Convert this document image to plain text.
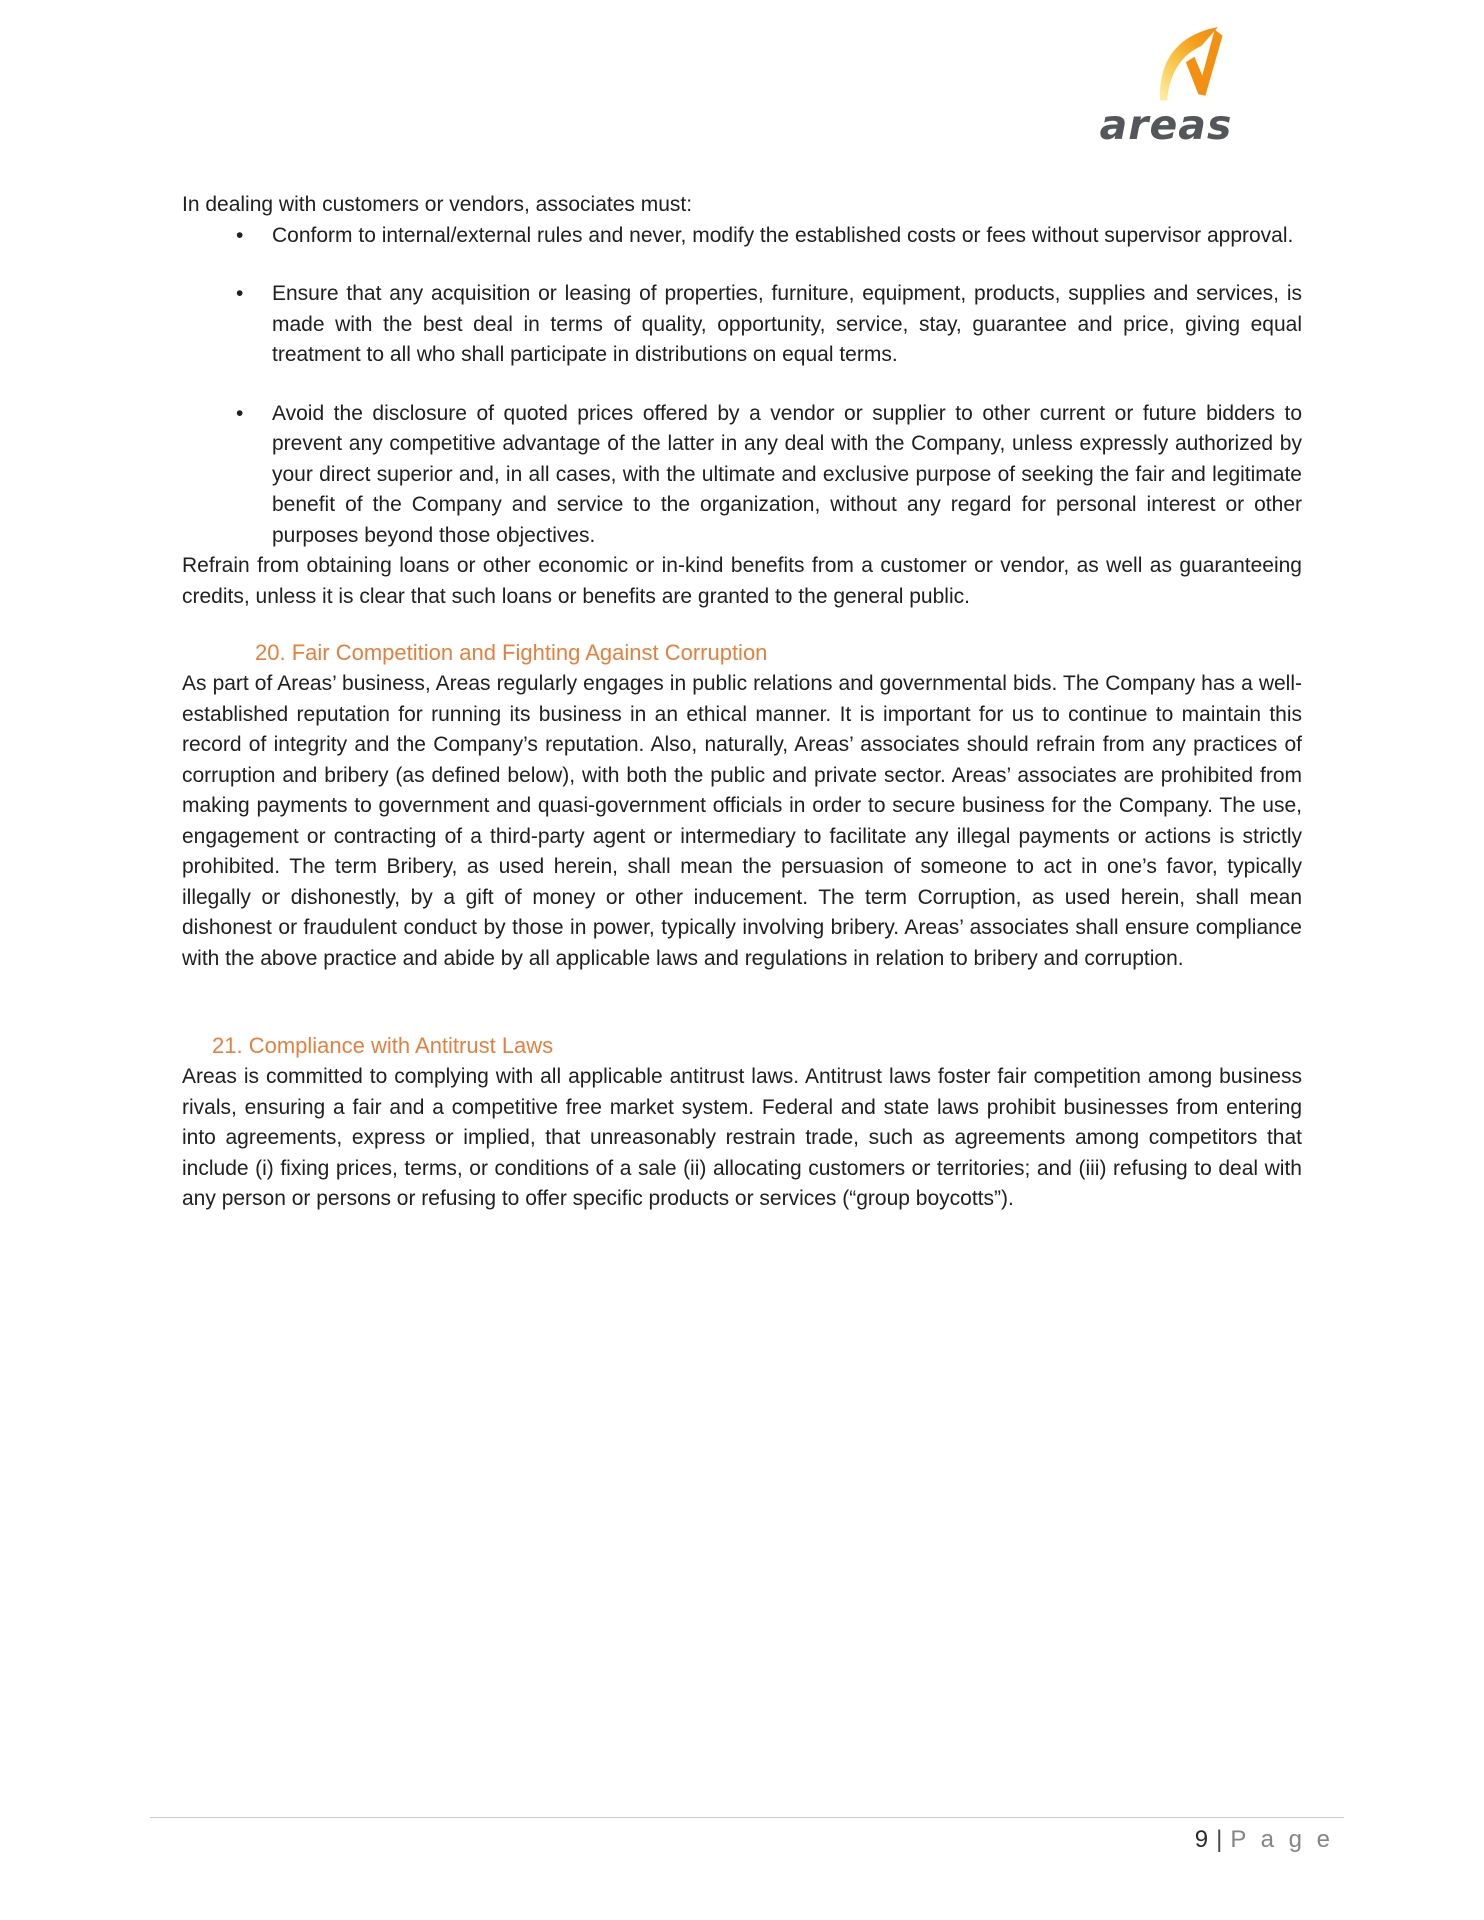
areas

In dealing with customers or vendors, associates must:

• Conform to internal/external rules and never, modify the established costs or fees without supervisor approval.
• Ensure that any acquisition or leasing of properties, furniture, equipment, products, supplies and services, is made with the best deal in terms of quality, opportunity, service, stay, guarantee and price, giving equal treatment to all who shall participate in distributions on equal terms.
• Avoid the disclosure of quoted prices offered by a vendor or supplier to other current or future bidders to prevent any competitive advantage of the latter in any deal with the Company, unless expressly authorized by your direct superior and, in all cases, with the ultimate and exclusive purpose of seeking the fair and legitimate benefit of the Company and service to the organization, without any regard for personal interest or other purposes beyond those objectives.

Refrain from obtaining loans or other economic or in-kind benefits from a customer or vendor, as well as guaranteeing credits, unless it is clear that such loans or benefits are granted to the general public.

20. Fair Competition and Fighting Against Corruption

As part of Areas’ business, Areas regularly engages in public relations and governmental bids. The Company has a well-established reputation for running its business in an ethical manner. It is important for us to continue to maintain this record of integrity and the Company’s reputation. Also, naturally, Areas’ associates should refrain from any practices of corruption and bribery (as defined below), with both the public and private sector. Areas’ associates are prohibited from making payments to government and quasi-government officials in order to secure business for the Company. The use, engagement or contracting of a third-party agent or intermediary to facilitate any illegal payments or actions is strictly prohibited. The term Bribery, as used herein, shall mean the persuasion of someone to act in one’s favor, typically illegally or dishonestly, by a gift of money or other inducement. The term Corruption, as used herein, shall mean dishonest or fraudulent conduct by those in power, typically involving bribery. Areas’ associates shall ensure compliance with the above practice and abide by all applicable laws and regulations in relation to bribery and corruption.

21. Compliance with Antitrust Laws

Areas is committed to complying with all applicable antitrust laws. Antitrust laws foster fair competition among business rivals, ensuring a fair and a competitive free market system. Federal and state laws prohibit businesses from entering into agreements, express or implied, that unreasonably restrain trade, such as agreements among competitors that include (i) fixing prices, terms, or conditions of a sale (ii) allocating customers or territories; and (iii) refusing to deal with any person or persons or refusing to offer specific products or services (“group boycotts”).

9 | P a g e
